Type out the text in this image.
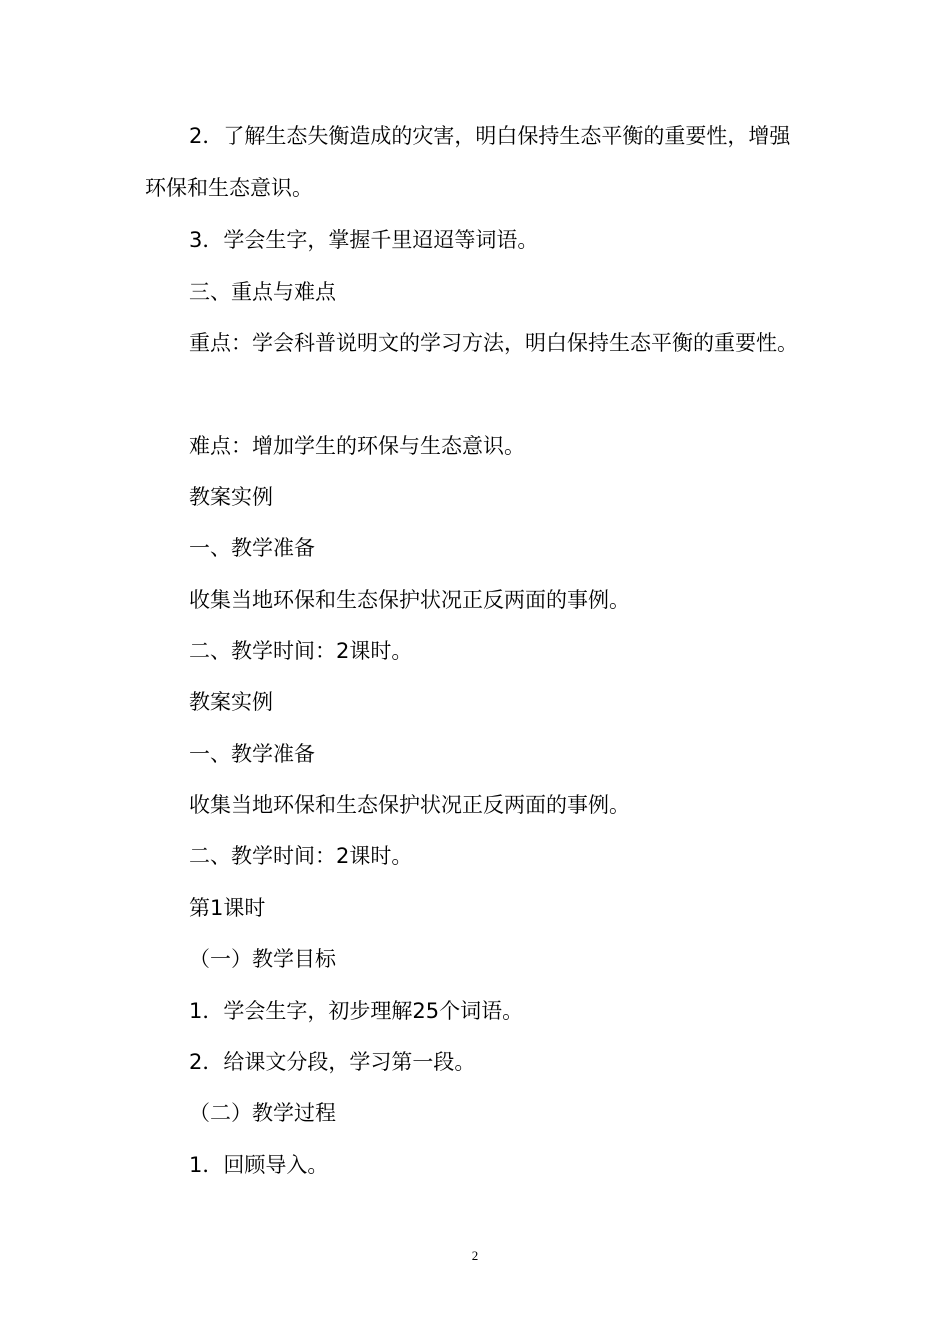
2．了解生态失衡造成的灾害，明白保持生态平衡的重要性，增强环保和生态意识。

3．学会生字，掌握千里迢迢等词语。

三、重点与难点

重点：学会科普说明文的学习方法，明白保持生态平衡的重要性。

难点：增加学生的环保与生态意识。

教案实例

一、教学准备

收集当地环保和生态保护状况正反两面的事例。

二、教学时间：2课时。

教案实例

一、教学准备

收集当地环保和生态保护状况正反两面的事例。

二、教学时间：2课时。

第1课时

（一）教学目标

1．学会生字，初步理解25个词语。

2．给课文分段，学习第一段。

（二）教学过程

1．回顾导入。

2
